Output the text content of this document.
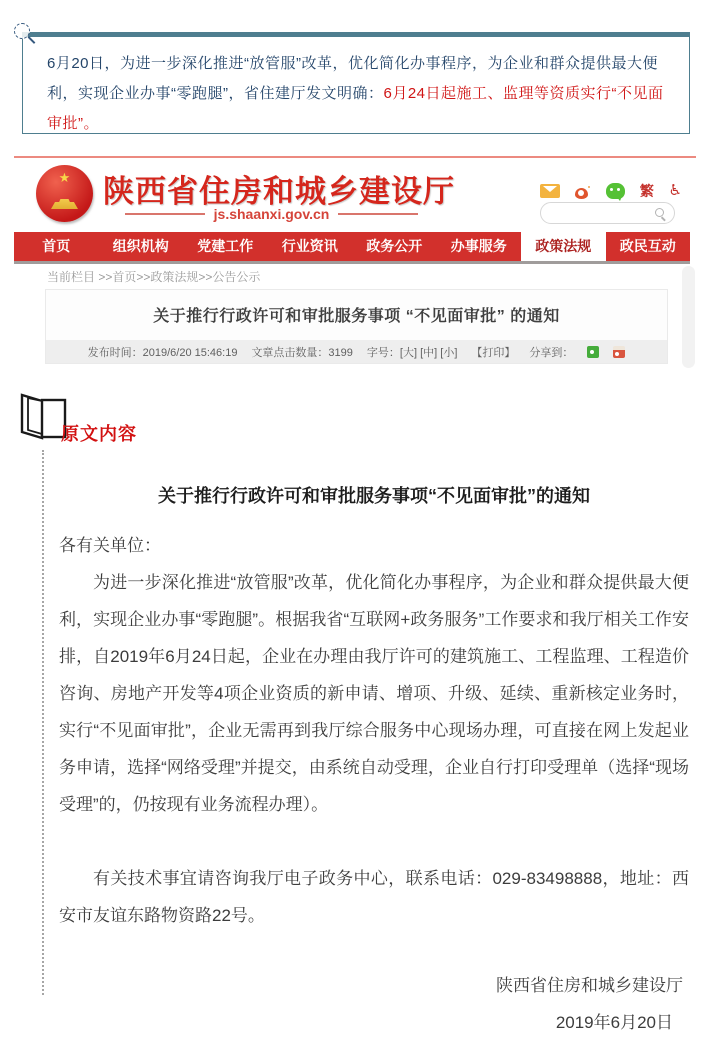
6月20日，为进一步深化推进“放管服”改革，优化简化办事程序，为企业和群众提供最大便利，实现企业办事“零跑腿”，省住建厅发文明确：6月24日起施工、监理等资质实行“不见面审批”。
★	陕西省住房和城乡建设厅
js.shaanxi.gov.cn
繁 ♿
首页	组织机构	党建工作	行业资讯	政务公开	办事服务	政策法规	政民互动
当前栏目 >>首页>>政策法规>>公告公示
关于推行行政许可和审批服务事项 “不见面审批” 的通知
发布时间：2019/6/20 15:46:19 文章点击数量：3199 字号：[大] [中] [小] 【打印】 分享到：
原文内容
关于推行行政许可和审批服务事项“不见面审批”的通知
各有关单位：
为进一步深化推进“放管服”改革，优化简化办事程序，为企业和群众提供最大便利，实现企业办事“零跑腿”。根据我省“互联网+政务服务”工作要求和我厅相关工作安排，自2019年6月24日起，企业在办理由我厅许可的建筑施工、工程监理、工程造价咨询、房地产开发等4项企业资质的新申请、增项、升级、延续、重新核定业务时，实行“不见面审批”，企业无需再到我厅综合服务中心现场办理，可直接在网上发起业务申请，选择“网络受理”并提交，由系统自动受理，企业自行打印受理单（选择“现场受理”的，仍按现有业务流程办理）。
有关技术事宜请咨询我厅电子政务中心，联系电话：029-83498888，地址：西安市友谊东路物资路22号。
陕西省住房和城乡建设厅
2019年6月20日
